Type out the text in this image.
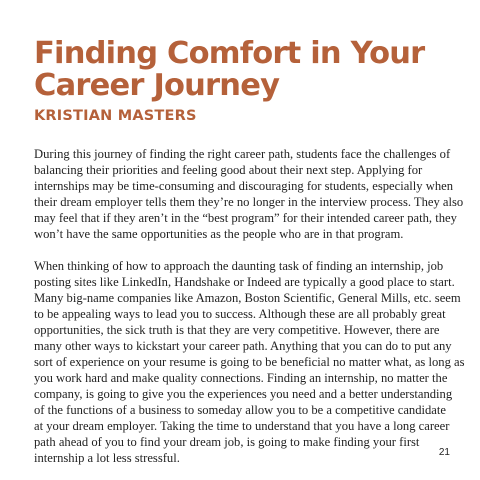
Finding Comfort in Your
Career Journey
KRISTIAN MASTERS

During this journey of finding the right career path, students face the challenges of
balancing their priorities and feeling good about their next step. Applying for
internships may be time-consuming and discouraging for students, especially when
their dream employer tells them they’re no longer in the interview process. They also
may feel that if they aren’t in the “best program” for their intended career path, they
won’t have the same opportunities as the people who are in that program.

When thinking of how to approach the daunting task of finding an internship, job
posting sites like LinkedIn, Handshake or Indeed are typically a good place to start.
Many big-name companies like Amazon, Boston Scientific, General Mills, etc. seem
to be appealing ways to lead you to success. Although these are all probably great
opportunities, the sick truth is that they are very competitive. However, there are
many other ways to kickstart your career path. Anything that you can do to put any
sort of experience on your resume is going to be beneficial no matter what, as long as
you work hard and make quality connections. Finding an internship, no matter the
company, is going to give you the experiences you need and a better understanding
of the functions of a business to someday allow you to be a competitive candidate
at your dream employer. Taking the time to understand that you have a long career
path ahead of you to find your dream job, is going to make finding your first
internship a lot less stressful.	21
